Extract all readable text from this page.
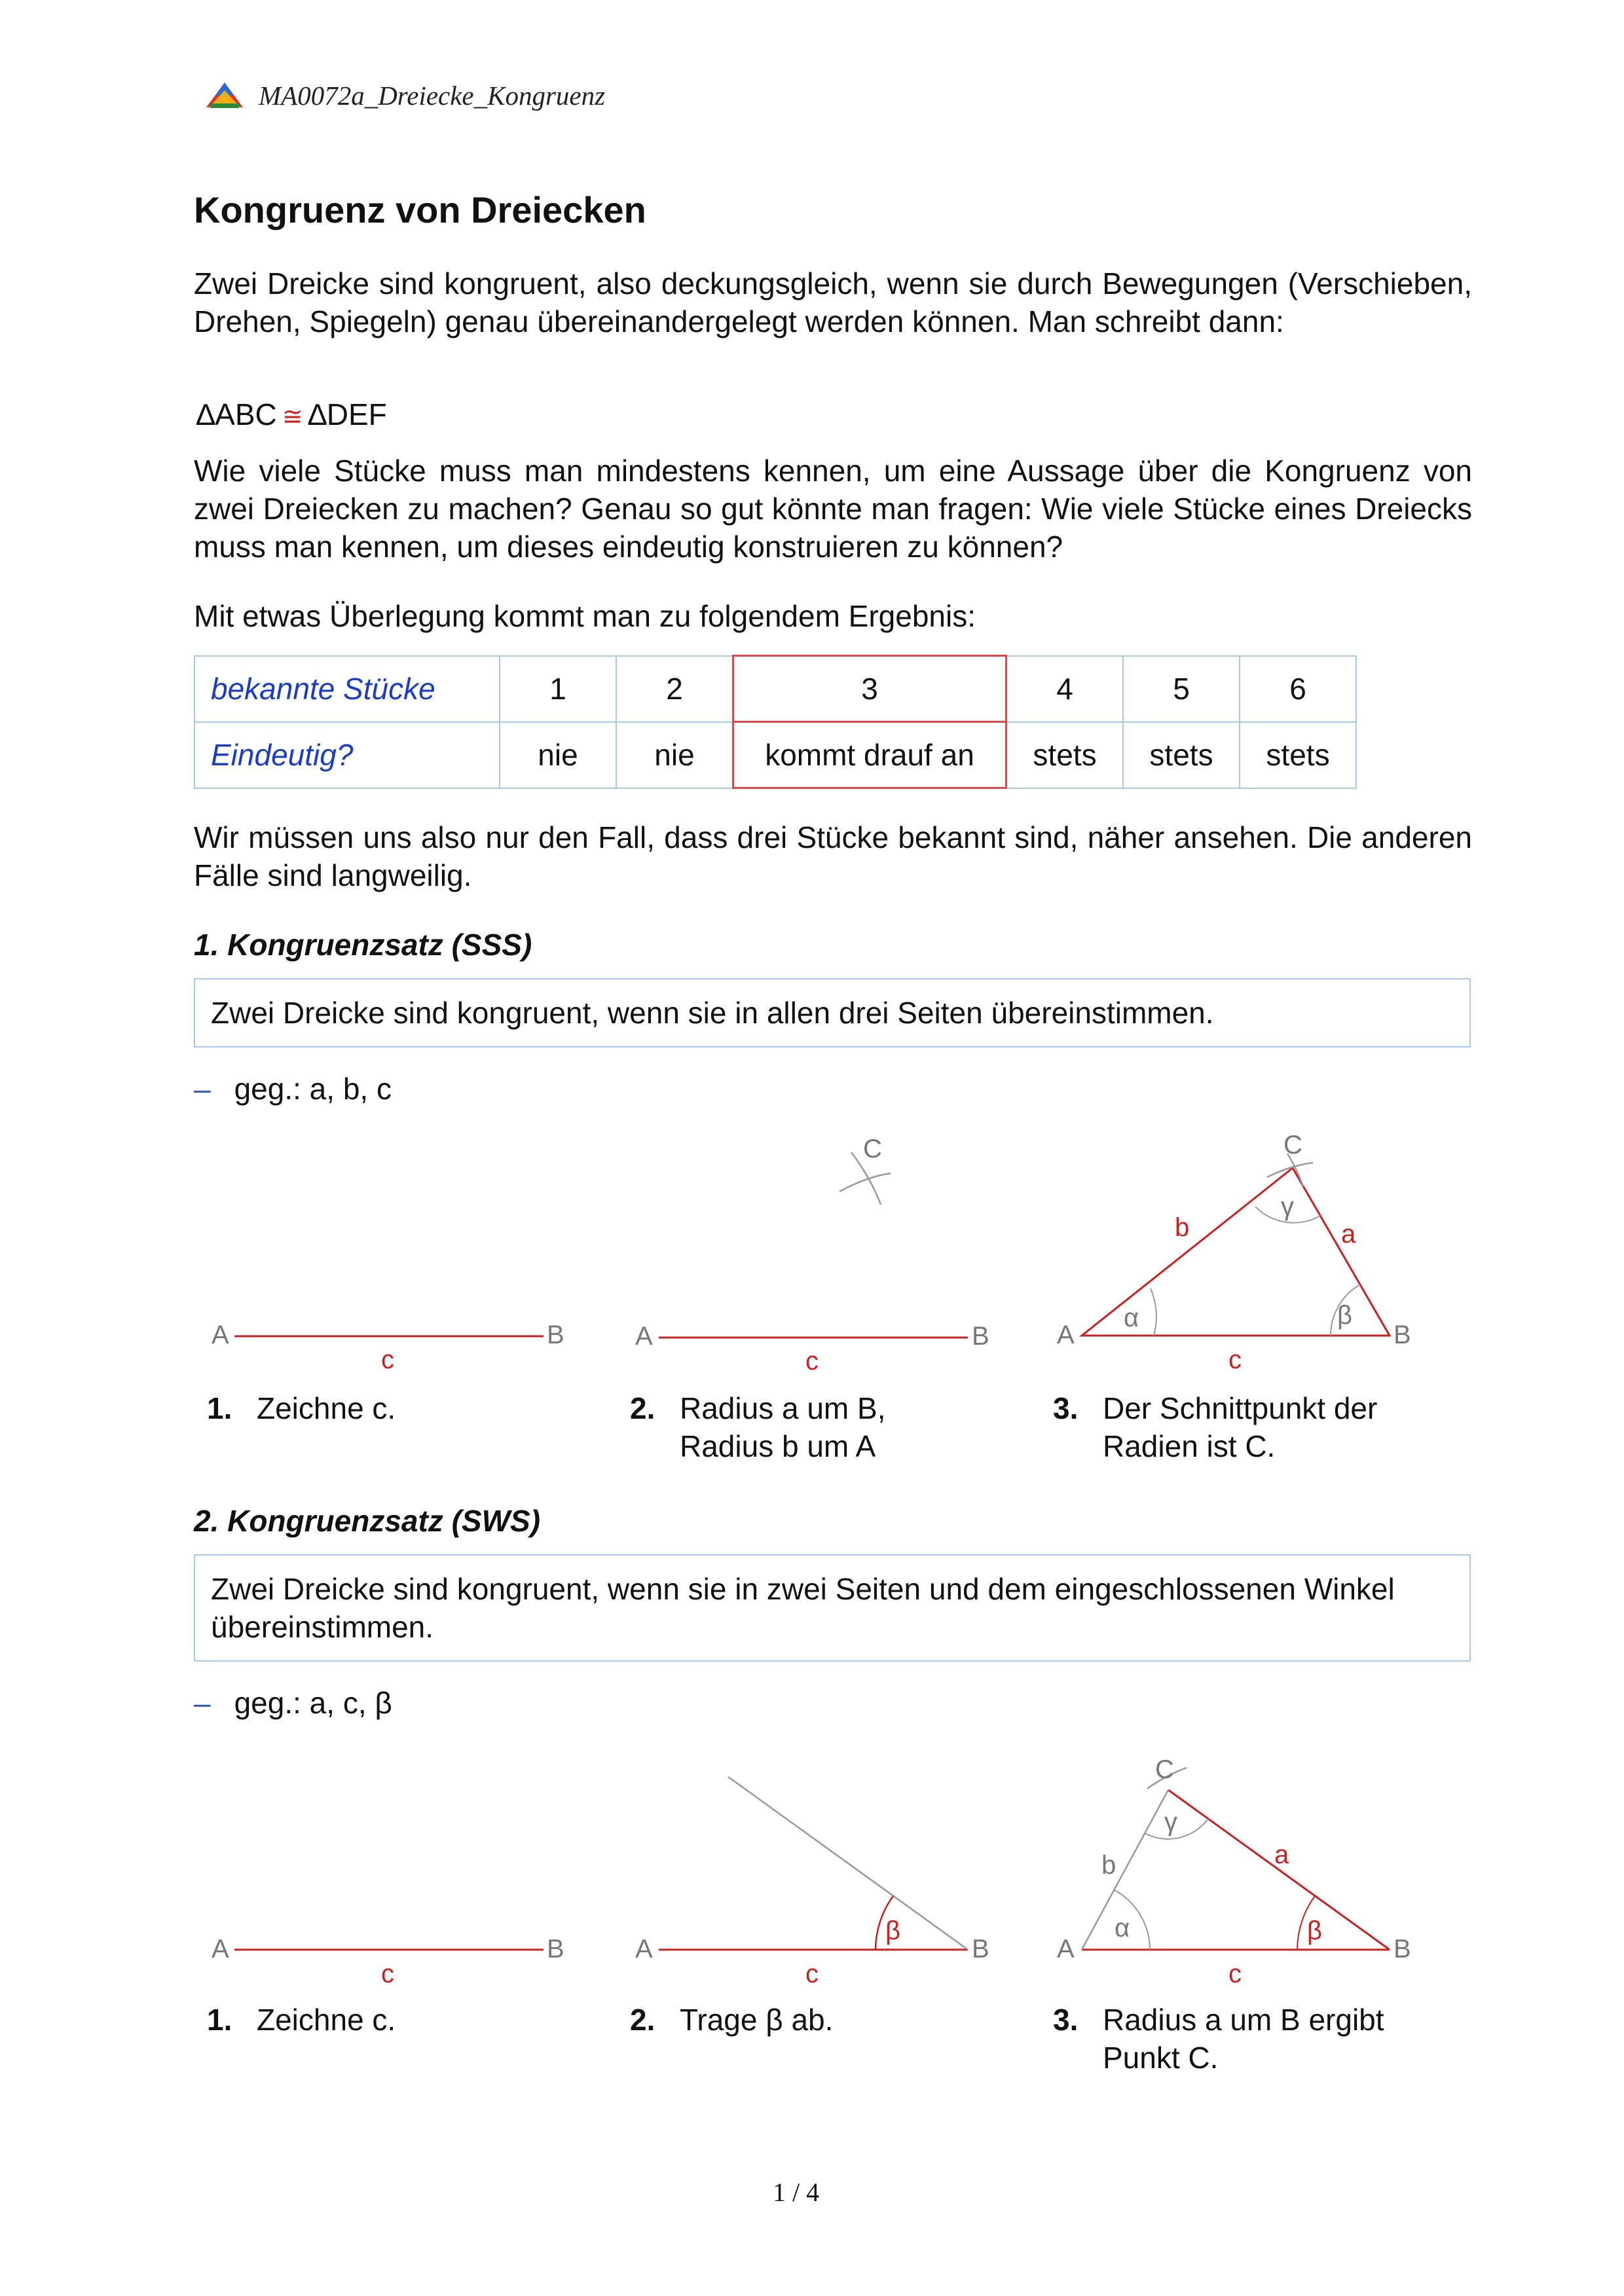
MA0072a_Dreiecke_Kongruenz
Kongruenz von Dreiecken
Zwei Dreicke sind kongruent, also deckungsgleich, wenn sie durch Bewegungen (Verschieben, Drehen, Spiegeln) genau übereinandergelegt werden können. Man schreibt dann:
∆ABC ≅ ∆DEF
Wie viele Stücke muss man mindestens kennen, um eine Aussage über die Kongruenz von zwei Dreiecken zu machen? Genau so gut könnte man fragen: Wie viele Stücke eines Dreiecks muss man kennen, um dieses eindeutig konstruieren zu können?
Mit etwas Überlegung kommt man zu folgendem Ergebnis:
bekannte Stücke	1	2	3	4	5	6
Eindeutig?	nie	nie	kommt drauf an	stets	stets	stets
Wir müssen uns also nur den Fall, dass drei Stücke bekannt sind, näher ansehen. Die anderen Fälle sind langweilig.
1. Kongruenzsatz (SSS)
Zwei Dreicke sind kongruent, wenn sie in allen drei Seiten übereinstimmen.
– geg.: a, b, c
A	B
c
A	B
c
C
A	B
C
c
a
b
α	β
γ
1. Zeichne c.	2. Radius a um B,
Radius b um A
3. Der Schnittpunkt der
Radien ist C.
2. Kongruenzsatz (SWS)
Zwei Dreicke sind kongruent, wenn sie in zwei Seiten und dem eingeschlossenen Winkel übereinstimmen.
– geg.: a, c, β
A	B
c
A	B
c
β
A	B
C
c
a
b
α	β
γ
1. Zeichne c.	2. Trage β ab.	3. Radius a um B ergibt
Punkt C.
1 / 4
